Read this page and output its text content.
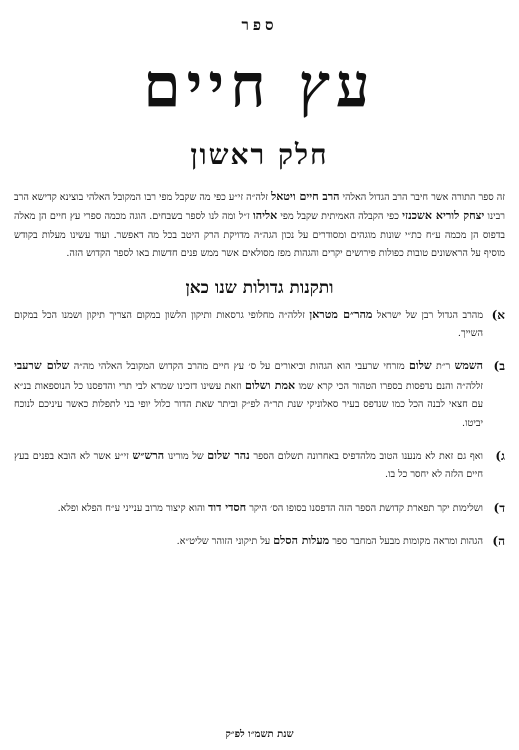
ספר
עץ חיים
חלק ראשון
זה ספר התורה אשר חיבר הרב הגדול האלהי הרב חיים ויטאל זלה״ה זי״ע כפי מה שקבל מפי רבו המקובל האלהי בוצינא קדישא הרב רבינו יצחק לוריא אשכנזי כפי הקבלה האמיתית שקבל מפי אליהו ז״ל ומה לנו לספר בשבחים. הוגה מכמה ספרי עץ חיים הן מאלה בדפוס הן מכמה ע״ח כת״י שונות מוגהים ומסודרים על נכון הגה״ה מדויקת הרק היטב בכל מה דאפשר. ועוד עשינו מעלות בקודש מוסיף על הראשונים טובות כפולות פירושים יקרים והגהות מפז מסולאים אשר ממש פנים חדשות באו לספר הקדוש הזה.
ותקנות גדולות שנו כאן
א)
מהרב הגדול רבן של ישראל מהר״ם מטראן זללה״ה מחלופי גרסאות ותיקון הלשון במקום הצריך תיקון ושמנו הכל במקום השייך.
ב)
השמש ר״ת שלום מזרחי שרעבי הוא הגהות וביאורים על ס׳ עץ חיים מהרב הקדוש המקובל האלהי מה״ה שלום שרעבי זללה״ה והנם נדפסות בספרו הטהור הכי קרא שמו אמת ושלום וזאת עשינו דזכינו שמרא לבי תרי והדפסנו כל הנוספאות בנ״א עם חצאי לבנה הכל כמו שנדפס בעיר סאלוניקי שנת תר״ה לפ״ק וביתר שאת הדור כלול יופי בני לתפלות כאשר עיניכם לנוכח יביטו.
ג)
ואף גם זאת לא מנענו הטוב מלהדפיס באחרונה תשלום הספר נהר שלום של מורינו הרש״ש זי״ע אשר לא הובא בפנים בעץ חיים הלזה לא יחסר כל בו.
ד)
ושלימות יקר תפארת קדושת הספר הזה הדפסנו בסופו הס׳ היקר חסדי דוד והוא קיצור מרוב ענייני ע״ח הפלא ופלא.
ה)
הגהות ומראה מקומות מבעל המחבר ספר מעלות הסלם על תיקוני הזוהר שליט״א.
שנת תשמ״ו לפ״ק
